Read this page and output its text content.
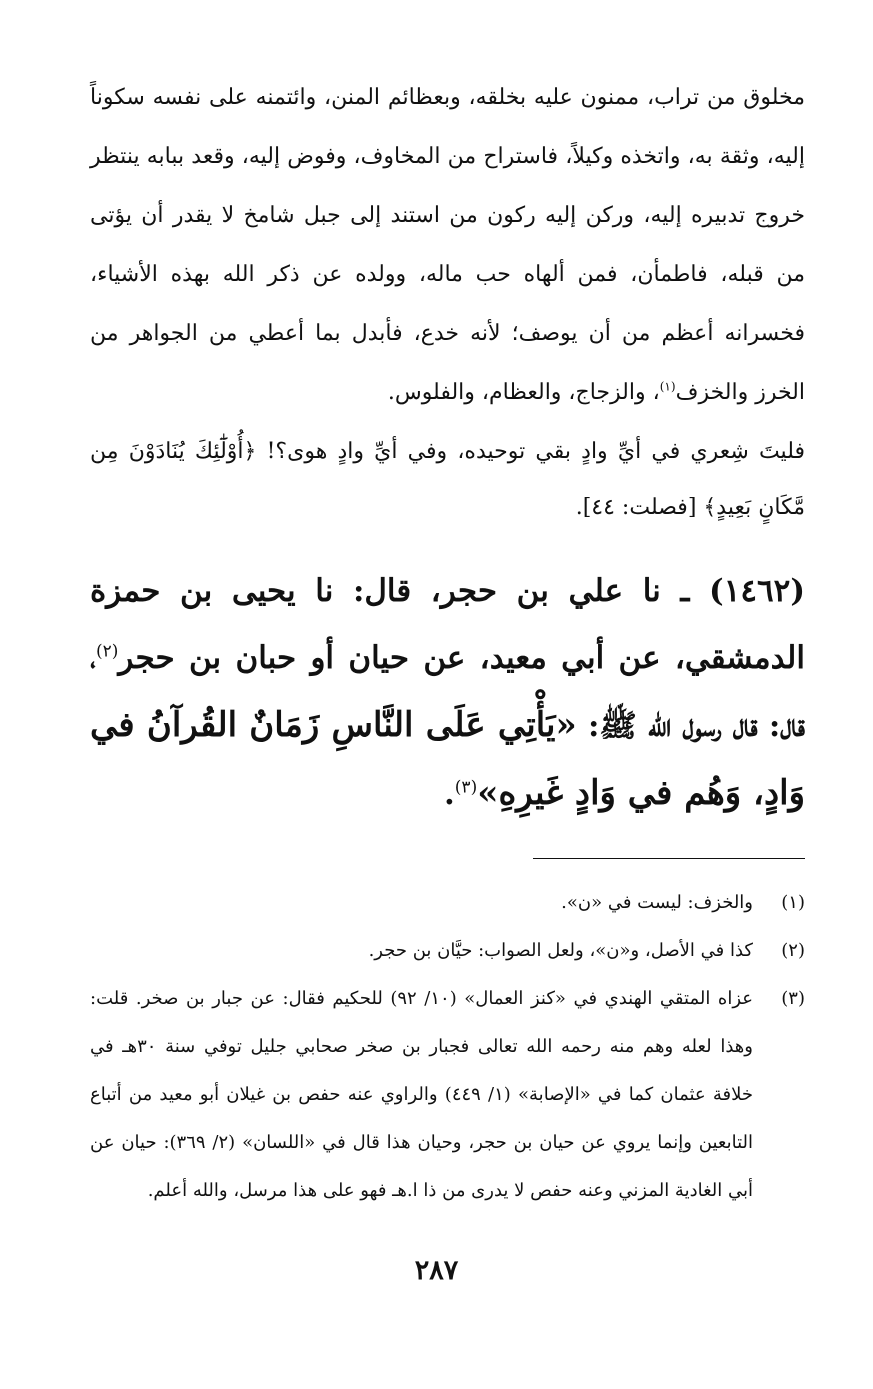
مخلوق من تراب، ممنون عليه بخلقه، وبعظائم المنن، وائتمنه على نفسه سكوناً إليه، وثقة به، واتخذه وكيلاً، فاستراح من المخاوف، وفوض إليه، وقعد ببابه ينتظر خروج تدبيره إليه، وركن إليه ركون من استند إلى جبل شامخ لا يقدر أن يؤتى من قبله، فاطمأن، فمن ألهاه حب ماله، وولده عن ذكر الله بهذه الأشياء، فخسرانه أعظم من أن يوصف؛ لأنه خدع، فأبدل بما أعطي من الجواهر من الخرز والخزف$^{(١)}$، والزجاج، والعظام، والفلوس.

فليتَ شِعري في أيِّ وادٍ بقي توحيده، وفي أيِّ وادٍ هوى؟! ﴿أُوْلَٰٓئِكَ يُنَادَوْنَ مِن مَّكَانٍ بَعِيدٍ﴾ [فصلت: ٤٤].

(١٤٦٢) ـ نا علي بن حجر، قال: نا يحيى بن حمزة الدمشقي، عن أبي معيد، عن حيان أو حبان بن حجر$^{(٢)}$، قال: قال رسول الله ﷺ: «يَأْتِي عَلَى النَّاسِ زَمَانٌ القُرآنُ في وَادٍ، وَهُم في وَادٍ غَيرِهِ»$^{(٣)}$.
(١)
والخزف: ليست في «ن».
(٢)
كذا في الأصل، و«ن»، ولعل الصواب: حيَّان بن حجر.
(٣)
عزاه المتقي الهندي في «كنز العمال» (١٠/ ٩٢) للحكيم فقال: عن جبار بن صخر. قلت: وهذا لعله وهم منه رحمه الله تعالى فجبار بن صخر صحابي جليل توفي سنة ٣٠هـ في خلافة عثمان كما في «الإصابة» (١/ ٤٤٩) والراوي عنه حفص بن غيلان أبو معيد من أتباع التابعين وإنما يروي عن حيان بن حجر، وحيان هذا قال في «اللسان» (٢/ ٣٦٩): حيان عن أبي الغادية المزني وعنه حفص لا يدرى من ذا ا.هـ فهو على هذا مرسل، والله أعلم.
٢٨٧
